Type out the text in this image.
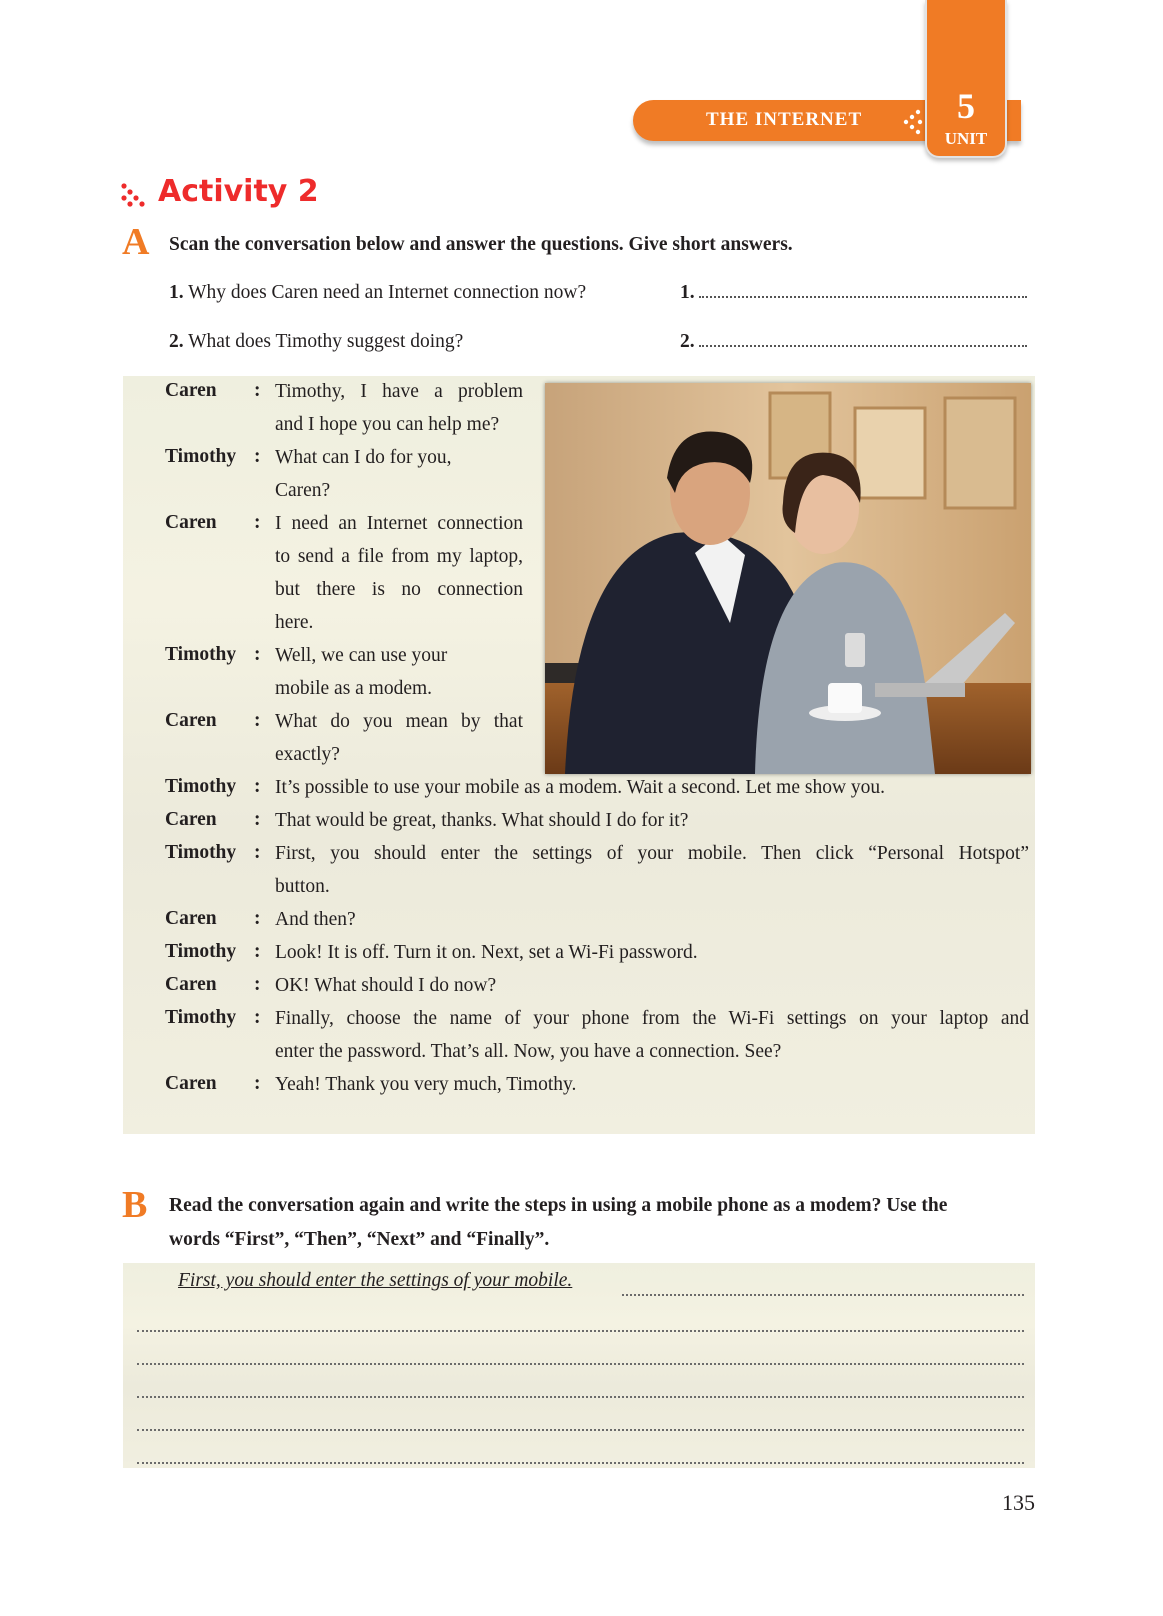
THE INTERNET	5
UNIT
Activity 2
A Scan the conversation below and answer the questions. Give short answers.
1. Why does Caren need an Internet connection now?	1.
2. What does Timothy suggest doing?	2.
Caren : Timothy, I have a problem
and I hope you can help me?
Timothy : What can I do for you,
Caren?
Caren : I need an Internet connection
to send a file from my laptop,
but there is no connection
here.
Timothy : Well, we can use your
mobile as a modem.
Caren : What do you mean by that
exactly?
Timothy : It’s possible to use your mobile as a modem. Wait a second. Let me show you.
Caren : That would be great, thanks. What should I do for it?
Timothy : First, you should enter the settings of your mobile. Then click “Personal Hotspot”
button.
Caren : And then?
Timothy : Look! It is off. Turn it on. Next, set a Wi-Fi password.
Caren : OK! What should I do now?
Timothy : Finally, choose the name of your phone from the Wi-Fi settings on your laptop and
enter the password. That’s all. Now, you have a connection. See?
Caren : Yeah! Thank you very much, Timothy.
B Read the conversation again and write the steps in using a mobile phone as a modem? Use the
words “First”, “Then”, “Next” and “Finally”.
First, you should enter the settings of your mobile.
135
